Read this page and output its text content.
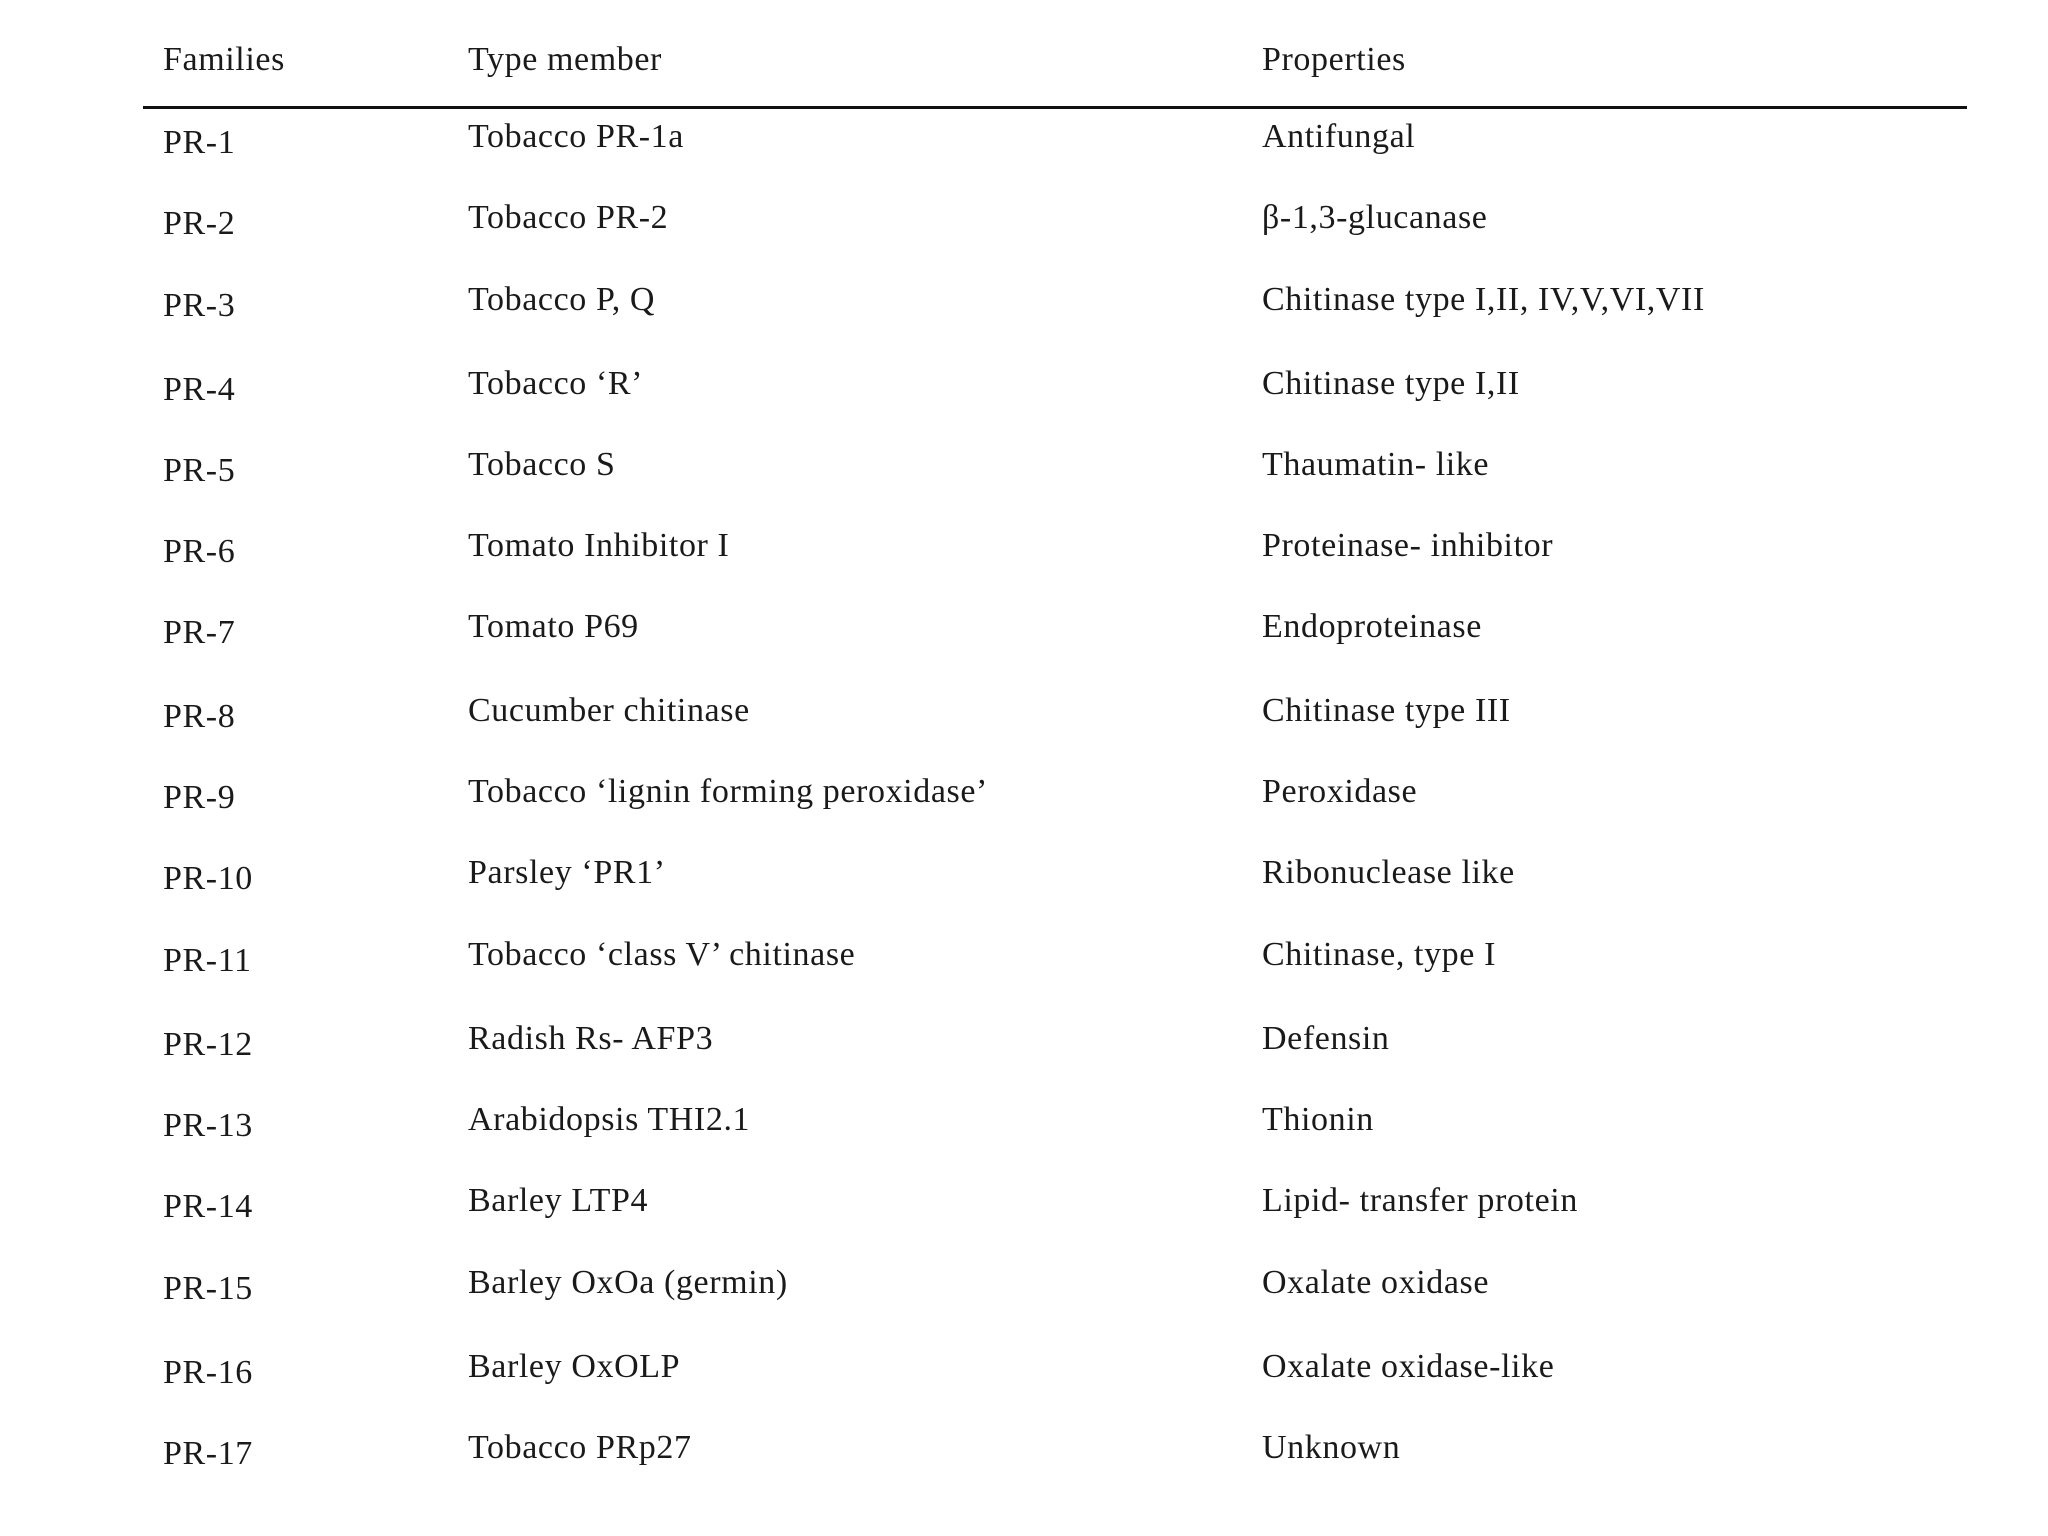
Families	Type member	Properties
PR-1	Tobacco PR-1a	Antifungal
PR-2	Tobacco PR-2	β-1,3-glucanase
PR-3	Tobacco P, Q	Chitinase type I,II, IV,V,VI,VII
PR-4	Tobacco ‘R’	Chitinase type I,II
PR-5	Tobacco S	Thaumatin- like
PR-6	Tomato Inhibitor I	Proteinase- inhibitor
PR-7	Tomato P69	Endoproteinase
PR-8	Cucumber chitinase	Chitinase type III
PR-9	Tobacco ‘lignin forming peroxidase’	Peroxidase
PR-10	Parsley ‘PR1’	Ribonuclease like
PR-11	Tobacco ‘class V’ chitinase	Chitinase, type I
PR-12	Radish Rs- AFP3	Defensin
PR-13	Arabidopsis THI2.1	Thionin
PR-14	Barley LTP4	Lipid- transfer protein
PR-15	Barley OxOa (germin)	Oxalate oxidase
PR-16	Barley OxOLP	Oxalate oxidase-like
PR-17	Tobacco PRp27	Unknown
